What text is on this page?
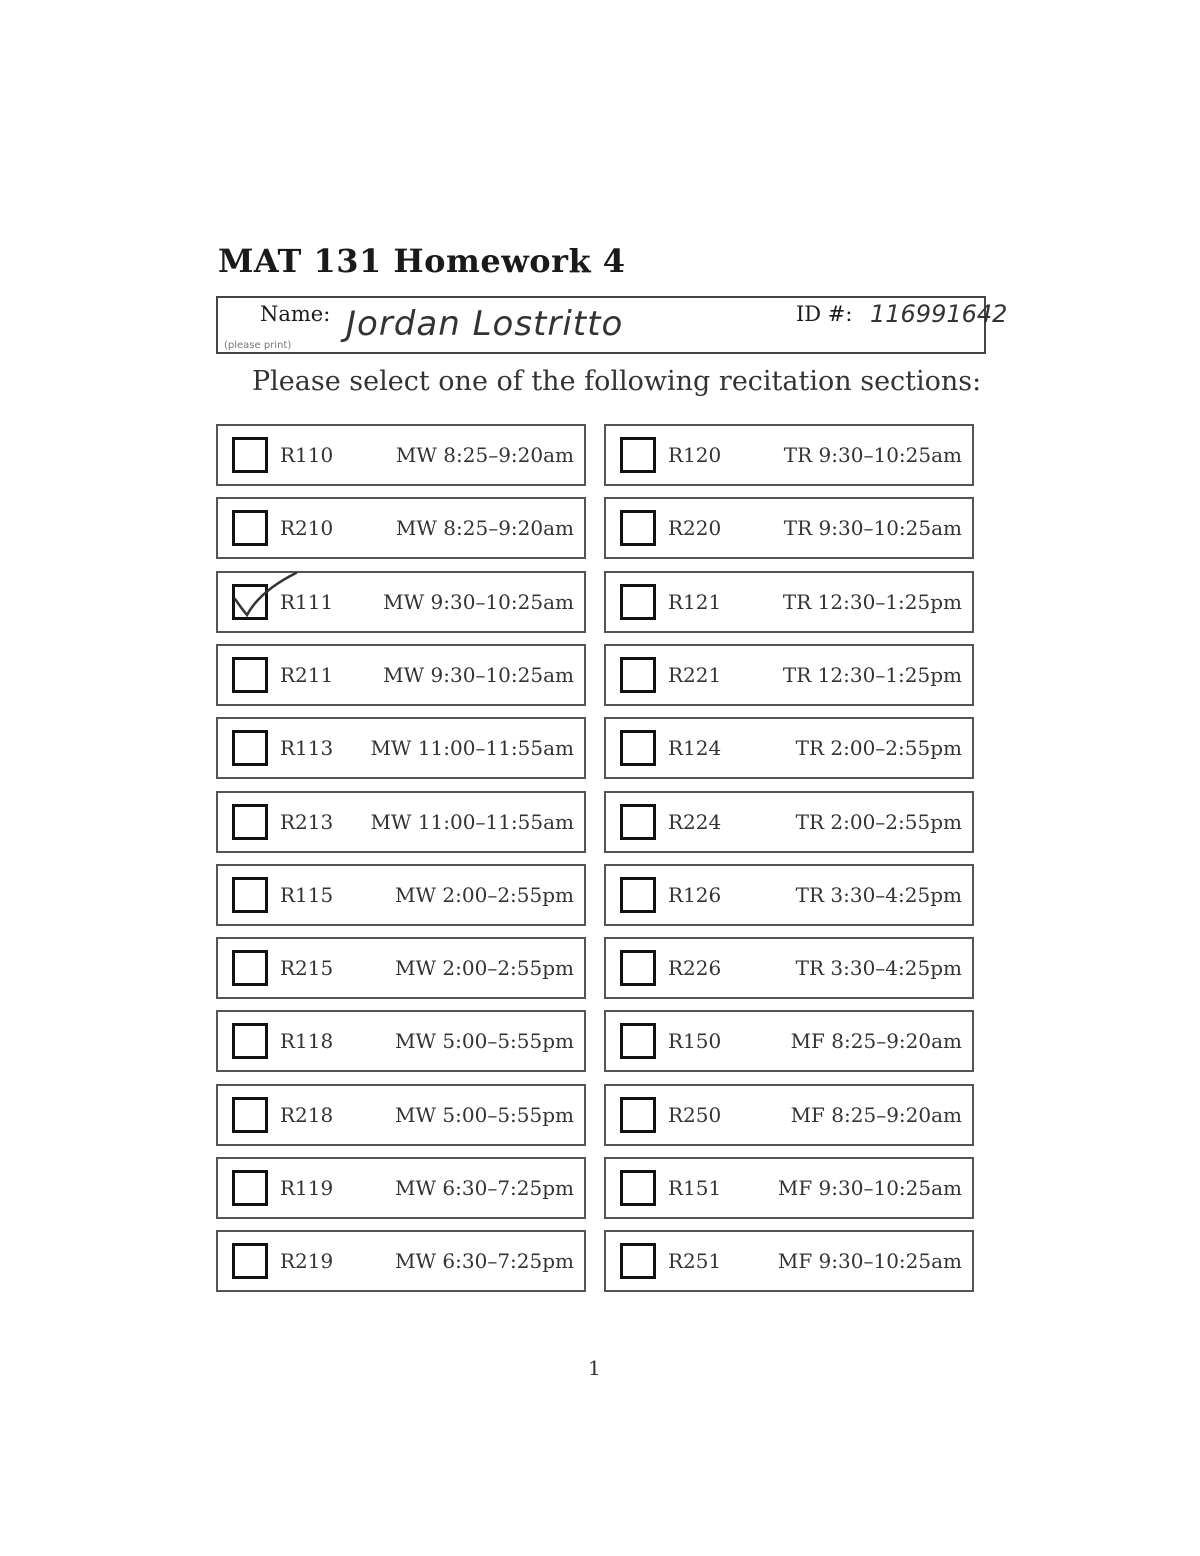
MAT 131 Homework 4
Name:
(please print)
Jordan Lostritto	ID #: 116991642
Please select one of the following recitation sections:
R110	MW 8:25–9:20am
R210	MW 8:25–9:20am
R111 MW 9:30–10:25am
R211 MW 9:30–10:25am
R113 MW 11:00–11:55am
R213 MW 11:00–11:55am
R115	MW 2:00–2:55pm
R215	MW 2:00–2:55pm
R118	MW 5:00–5:55pm
R218	MW 5:00–5:55pm
R119	MW 6:30–7:25pm
R219	MW 6:30–7:25pm
R120	TR 9:30–10:25am
R220	TR 9:30–10:25am
R121	TR 12:30–1:25pm
R221	TR 12:30–1:25pm
R124	TR 2:00–2:55pm
R224	TR 2:00–2:55pm
R126	TR 3:30–4:25pm
R226	TR 3:30–4:25pm
R150	MF 8:25–9:20am
R250	MF 8:25–9:20am
R151	MF 9:30–10:25am
R251	MF 9:30–10:25am
1
